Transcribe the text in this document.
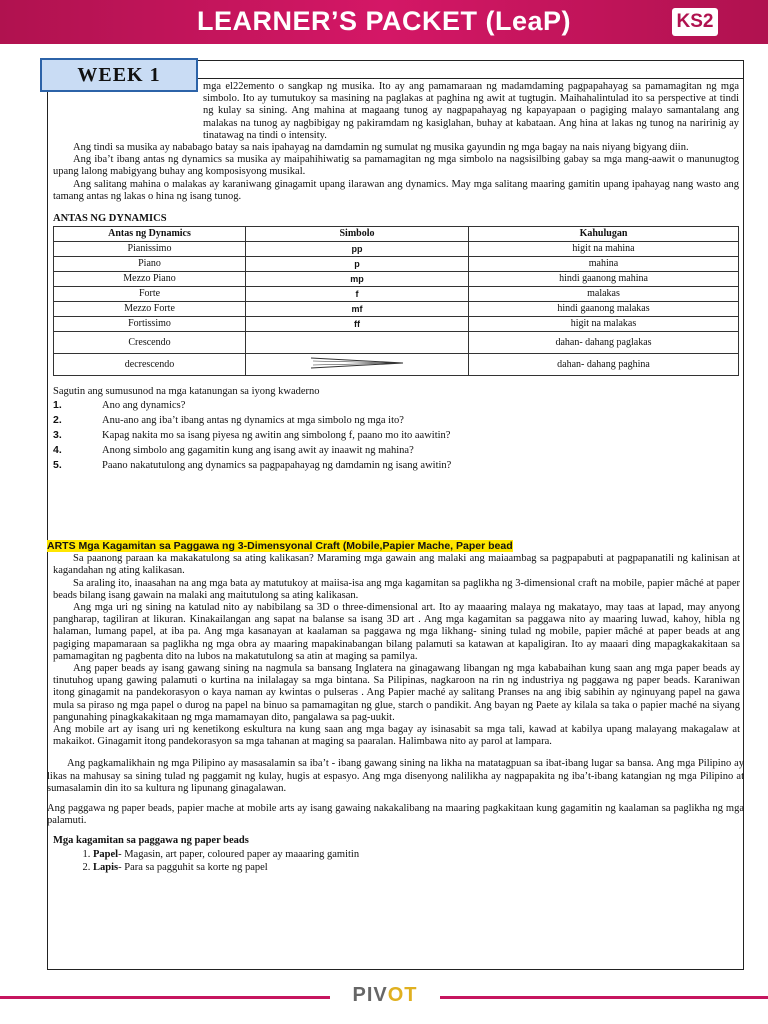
LEARNER’S PACKET (LeaP)	KS2
WEEK 1

mga el22emento o sangkap ng musika. Ito ay ang pamamaraan ng madamdaming pagpapahayag sa pamamagitan ng mga simbolo. Ito ay tumutukoy sa masining na paglakas at paghina ng awit at tugtugin. Maihahalintulad ito sa perspective at tindi ng kulay sa sining. Ang mahina at magaang tunog ay nagpapahayag ng kapayapaan o pagiging malayo samantalang ang malakas na tunog ay nagbibigay ng pakiramdam ng kasiglahan, buhay at kabataan. Ang hina at lakas ng tunog na naririnig ay tinatawag na tindi o intensity.

Ang tindi sa musika ay nababago batay sa nais ipahayag na damdamin ng sumulat ng musika gayundin ng mga bagay na nais niyang bigyang diin.

Ang iba’t ibang antas ng dynamics sa musika ay maipahihiwatig sa pamamagitan ng mga simbolo na nagsisilbing gabay sa mga mang-aawit o manunugtog upang lalong mabigyang buhay ang komposisyong musikal.

Ang salitang mahina o malakas ay karaniwang ginagamit upang ilarawan ang dynamics. May mga salitang maaring gamitin upang ipahayag nang wasto ang tamang antas ng lakas o hina ng isang tunog.

ANTAS NG DYNAMICS

Antas ng Dynamics	Simbolo	Kahulugan
Pianissimo	pp	higit na mahina
Piano	p	mahina
Mezzo Piano	mp	hindi gaanong mahina
Forte	f	malakas
Mezzo Forte	mf	hindi gaanong malakas
Fortissimo	ff	higit na malakas
Crescendo		dahan- dahang paglakas
decrescendo		dahan- dahang paghina

Sagutin ang sumusunod na mga katanungan sa iyong kwaderno

1.	Ano ang dynamics?
2.	Anu-ano ang iba’t ibang antas ng dynamics at mga simbolo ng mga ito?
3.	Kapag nakita mo sa isang piyesa ng awitin ang simbolong f, paano mo ito aawitin?
4.	Anong simbolo ang gagamitin kung ang isang awit ay inaawit ng mahina?
5.	Paano nakatutulong ang dynamics sa pagpapahayag ng damdamin ng isang awitin?

ARTS Mga Kagamitan sa Paggawa ng 3-Dimensyonal Craft (Mobile,Papier Mache, Paper bead

Sa paanong paraan ka makakatulong sa ating kalikasan? Maraming mga gawain ang malaki ang maiaambag sa pagpapabuti at pagpapanatili ng kalinisan at kagandahan ng ating kalikasan.

Sa araling ito, inaasahan na ang mga bata ay matutukoy at maiisa-isa ang mga kagamitan sa paglikha ng 3-dimensional craft na mobile, papier mâché at paper beads bilang isang gawain na malaki ang maitutulong sa ating kalikasan.

Ang mga uri ng sining na katulad nito ay nabibilang sa 3D o three-dimensional art. Ito ay maaaring malaya ng makatayo, may taas at lapad, may anyong pangharap, tagiliran at likuran. Kinakailangan ang sapat na balanse sa isang 3D art . Ang mga kagamitan sa paggawa nito ay maaring luwad, kahoy, hibla ng halaman, lumang papel, at iba pa. Ang mga kasanayan at kaalaman sa paggawa ng mga likhang- sining tulad ng mobile, papier mâché at paper beads at ang pagiging mapamaraan sa paglikha ng mga obra ay maaring mapakinabangan bilang palamuti sa katawan at kapaligiran. Ito ay maaari ding mapagkakakitaan sa pamamagitan ng pagbenta dito na lubos na makatutulong sa atin at maging sa pamilya.

Ang paper beads ay isang gawang sining na nagmula sa bansang Inglatera na ginagawang libangan ng mga kababaihan kung saan ang mga paper beads ay tinutuhog upang gawing palamuti o kurtina na inilalagay sa mga bintana. Sa Pilipinas, nagkaroon na rin ng industriya ng paggawa ng paper beads. Karaniwan itong ginagamit na pandekorasyon o kaya naman ay kwintas o pulseras . Ang Papier maché ay salitang Pranses na ang ibig sabihin ay nginuyang papel na gawa mula sa piraso ng mga papel o durog na papel na binuo sa pamamagitan ng glue, starch o pandikit. Ang bayan ng Paete ay kilala sa taka o papier maché na siyang pangunahing pinagkakakitaan ng mga mamamayan dito, pangalawa sa pag-uukit.

Ang mobile art ay isang uri ng kenetikong eskultura na kung saan ang mga bagay ay isinasabit sa mga tali, kawad at kabilya upang malayang makagalaw at makaikot. Ginagamit itong pandekorasyon sa mga tahanan at maging sa paaralan. Halimbawa nito ay parol at lampara.

Ang pagkamalikhain ng mga Pilipino ay masasalamin sa iba’t - ibang gawang sining na likha na matatagpuan sa ibat-ibang lugar sa bansa. Ang mga Pilipino ay likas na mahusay sa sining tulad ng paggamit ng kulay, hugis at espasyo. Ang mga disenyong nalilikha ay nagpapakita ng iba’t-ibang katangian ng mga Pilipino at sumasalamin din ito sa kultura ng lipunang ginagalawan.

Ang paggawa ng paper beads, papier mache at mobile arts ay isang gawaing nakakalibang na maaring pagkakitaan kung gagamitin ng kaalaman sa paglikha ng mga palamuti.

Mga kagamitan sa paggawa ng paper beads

1. Papel- Magasin, art paper, coloured paper ay maaaring gamitin
2. Lapis- Para sa pagguhit sa korte ng papel
PIVOT
